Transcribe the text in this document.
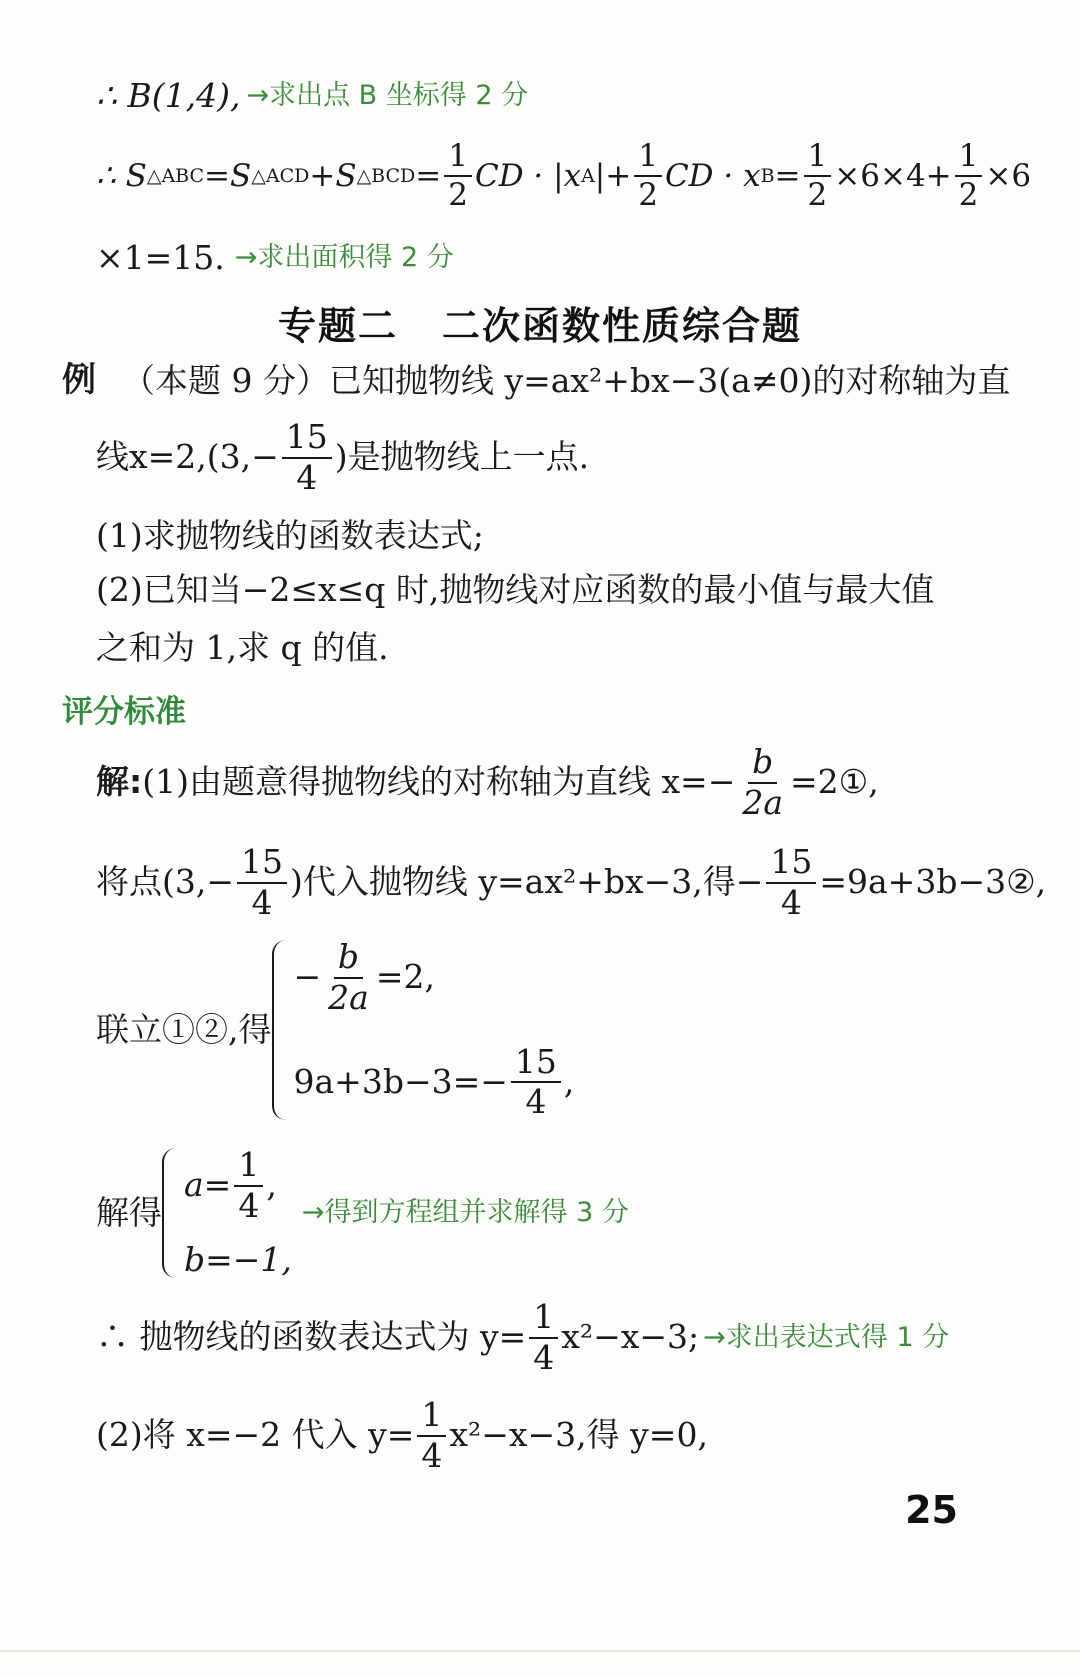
∴ B(1,4), →求出点 B 坐标得 2 分
∴ S △ABC =S △ACD +S △BCD = $\frac{1}{2}$ CD · |x A |+ $\frac{1}{2}$ CD · x $B = \frac{1}{2} \times 6\times 4+ \frac{1}{2} \times 6$
×1=15. →求出面积得 2 分
专题二 二次函数性质综合题
例 （本题 9 分）已知抛物线 y=ax²+bx−3(a≠0)的对称轴为直
线$x=2,(3,- \frac{15}{4}$ )是抛物线上一点.
(1)求抛物线的函数表达式;
(2)已知当−2≤x≤q 时,抛物线对应函数的最小值与最大值
之和为 1,求 q 的值.
评分标准
解: (1)由题意得抛物线的对称轴为直线 $x=- \frac{b}{2a}$ =2①,
将点($3,- \frac{15}{4}$ )代入抛物线 y=ax²+bx−3,得− $\frac{15}{4}$ =9a+3b−3②,
联立①②,得
− $\frac{b}{2a} =2$,
$9a+3b-3=- \frac{15}{4}$ ,
解得
$a= \frac{1}{4}$ ,
b=−1,
→得到方程组并求解得 3 分
∴ 抛物线的函数表达式为 $y= \frac{1}{4} x^2-x-3$; →求出表达式得 1 分
(2)将 x=−2 代入 $y= \frac{1}{4} x^2-x-3$,得 y=0,
25
